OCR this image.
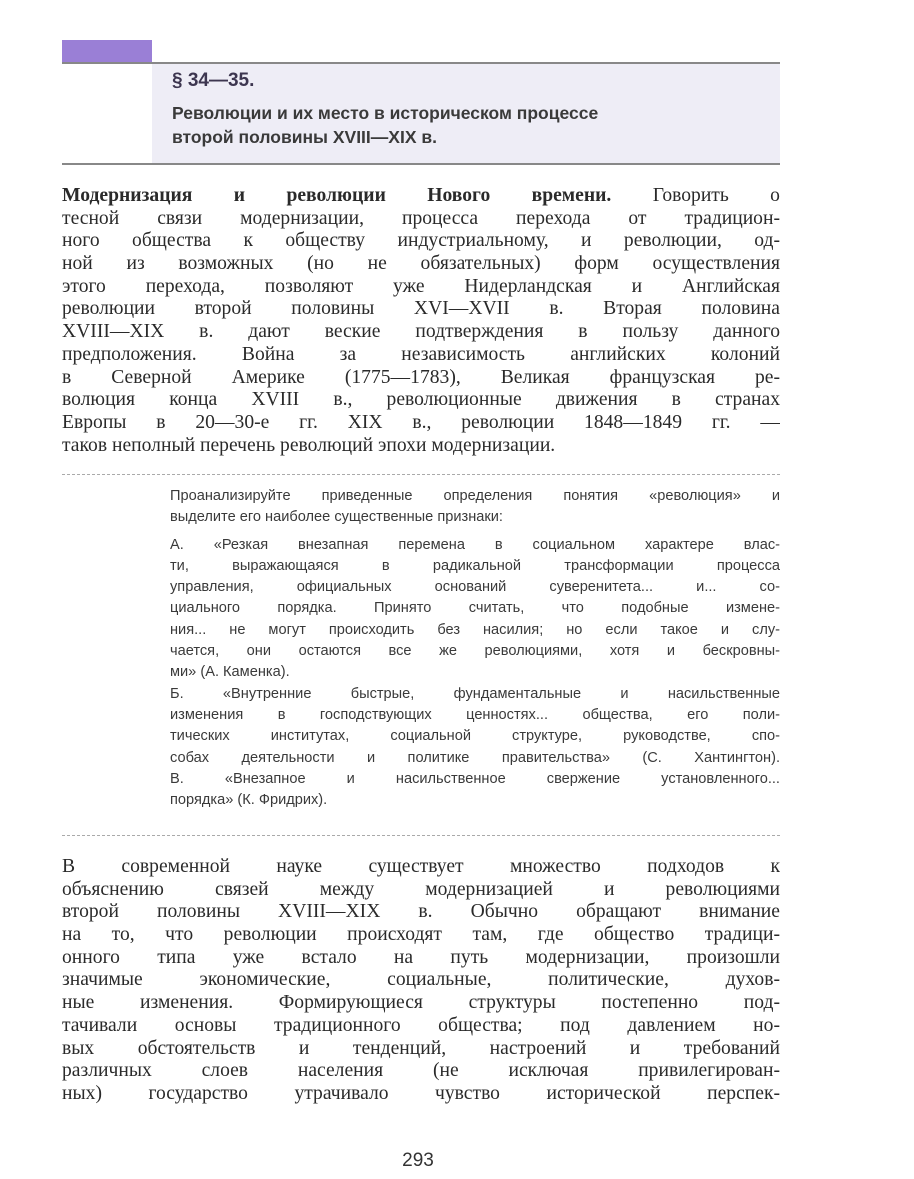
§ 34—35.
Революции и их место в историческом процессе
второй половины XVIII—XIX в.
Модернизация и революции Нового времени. Говорить о
тесной связи модернизации, процесса перехода от традицион-
ного общества к обществу индустриальному, и революции, од-
ной из возможных (но не обязательных) форм осуществления
этого перехода, позволяют уже Нидерландская и Английская
революции второй половины XVI—XVII в. Вторая половина
XVIII—XIX в. дают веские подтверждения в пользу данного
предположения. Война за независимость английских колоний
в Северной Америке (1775—1783), Великая французская ре-
волюция конца XVIII в., революционные движения в странах
Европы в 20—30-е гг. XIX в., революции 1848—1849 гг. —
таков неполный перечень революций эпохи модернизации.
Проанализируйте приведенные определения понятия «революция» и
выделите его наиболее существенные признаки:
А. «Резкая внезапная перемена в социальном характере влас-
ти, выражающаяся в радикальной трансформации процесса
управления, официальных оснований суверенитета... и... со-
циального порядка. Принято считать, что подобные измене-
ния... не могут происходить без насилия; но если такое и слу-
чается, они остаются все же революциями, хотя и бескровны-
ми» (А. Каменка).
Б. «Внутренние быстрые, фундаментальные и насильственные
изменения в господствующих ценностях... общества, его поли-
тических институтах, социальной структуре, руководстве, спо-
собах деятельности и политике правительства» (С. Хантингтон).
В. «Внезапное и насильственное свержение установленного...
порядка» (К. Фридрих).
В современной науке существует множество подходов к
объяснению связей между модернизацией и революциями
второй половины XVIII—XIX в. Обычно обращают внимание
на то, что революции происходят там, где общество традици-
онного типа уже встало на путь модернизации, произошли
значимые экономические, социальные, политические, духов-
ные изменения. Формирующиеся структуры постепенно под-
тачивали основы традиционного общества; под давлением но-
вых обстоятельств и тенденций, настроений и требований
различных слоев населения (не исключая привилегирован-
ных) государство утрачивало чувство исторической перспек-
293
